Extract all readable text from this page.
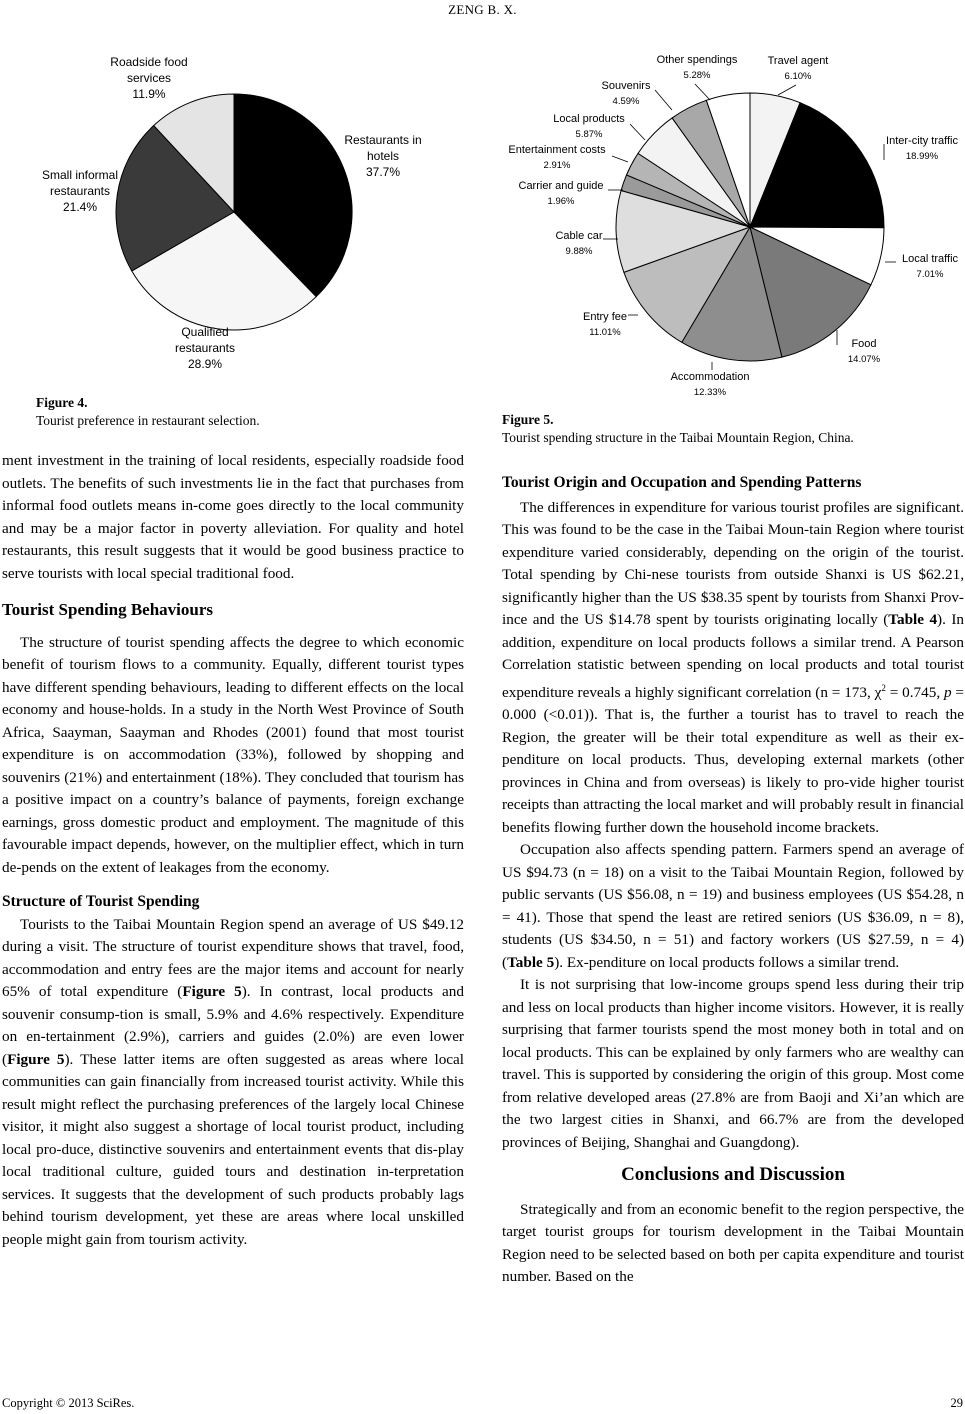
ZENG B. X.
Restaurants in
hotels
37.7%
Qualified
restaurants
28.9%
Small informal
restaurants
21.4%
Roadside food
services
11.9%
Figure 4.
Tourist preference in restaurant selection.
Travel agent
6.10%
Inter-city traffic
18.99%
Local traffic
7.01%
Food
14.07%
Accommodation
12.33%
Entry fee
11.01%
Cable car
9.88%
Carrier and guide
1.96%
Entertainment costs
2.91%
Local products
5.87%
Souvenirs
4.59%
Other spendings
5.28%
Figure 5.
Tourist spending structure in the Taibai Mountain Region, China.

ment investment in the training of local residents, especially roadside food outlets. The benefits of such investments lie in the fact that purchases from informal food outlets means in-come goes directly to the local community and may be a major factor in poverty alleviation. For quality and hotel restaurants, this result suggests that it would be good business practice to serve tourists with local special traditional food.

Tourist Spending Behaviours

The structure of tourist spending affects the degree to which economic benefit of tourism flows to a community. Equally, different tourist types have different spending behaviours, leading to different effects on the local economy and house-holds. In a study in the North West Province of South Africa, Saayman, Saayman and Rhodes (2001) found that most tourist expenditure is on accommodation (33%), followed by shopping and souvenirs (21%) and entertainment (18%). They concluded that tourism has a positive impact on a country’s balance of payments, foreign exchange earnings, gross domestic product and employment. The magnitude of this favourable impact depends, however, on the multiplier effect, which in turn de-pends on the extent of leakages from the economy.

Structure of Tourist Spending

Tourists to the Taibai Mountain Region spend an average of US $49.12 during a visit. The structure of tourist expenditure shows that travel, food, accommodation and entry fees are the major items and account for nearly 65% of total expenditure (Figure 5). In contrast, local products and souvenir consump-tion is small, 5.9% and 4.6% respectively. Expenditure on en-tertainment (2.9%), carriers and guides (2.0%) are even lower (Figure 5). These latter items are often suggested as areas where local communities can gain financially from increased tourist activity. While this result might reflect the purchasing preferences of the largely local Chinese visitor, it might also suggest a shortage of local tourist product, including local pro-duce, distinctive souvenirs and entertainment events that dis-play local traditional culture, guided tours and destination in-terpretation services. It suggests that the development of such products probably lags behind tourism development, yet these are areas where local unskilled people might gain from tourism activity.

Tourist Origin and Occupation and Spending Patterns

The differences in expenditure for various tourist profiles are significant. This was found to be the case in the Taibai Moun-tain Region where tourist expenditure varied considerably, depending on the origin of the tourist. Total spending by Chi-nese tourists from outside Shanxi is US $62.21, significantly higher than the US $38.35 spent by tourists from Shanxi Prov-ince and the US $14.78 spent by tourists originating locally (Table 4). In addition, expenditure on local products follows a similar trend. A Pearson Correlation statistic between spending on local products and total tourist expenditure reveals a highly significant correlation (n = 173, $\chi^2 = 0.745$, p = 0.000 (<0.01)). That is, the further a tourist has to travel to reach the Region, the greater will be their total expenditure as well as their ex-penditure on local products. Thus, developing external markets (other provinces in China and from overseas) is likely to pro-vide higher tourist receipts than attracting the local market and will probably result in financial benefits flowing further down the household income brackets.

Occupation also affects spending pattern. Farmers spend an average of US $94.73 (n = 18) on a visit to the Taibai Mountain Region, followed by public servants (US $56.08, n = 19) and business employees (US $54.28, n = 41). Those that spend the least are retired seniors (US $36.09, n = 8), students (US $34.50, n = 51) and factory workers (US $27.59, n = 4) (Table 5). Ex-penditure on local products follows a similar trend.

It is not surprising that low-income groups spend less during their trip and less on local products than higher income visitors. However, it is really surprising that farmer tourists spend the most money both in total and on local products. This can be explained by only farmers who are wealthy can travel. This is supported by considering the origin of this group. Most come from relative developed areas (27.8% are from Baoji and Xi’an which are the two largest cities in Shanxi, and 66.7% are from the developed provinces of Beijing, Shanghai and Guangdong).

Conclusions and Discussion

Strategically and from an economic benefit to the region perspective, the target tourist groups for tourism development in the Taibai Mountain Region need to be selected based on both per capita expenditure and tourist number. Based on the

Copyright © 2013 SciRes.	29
